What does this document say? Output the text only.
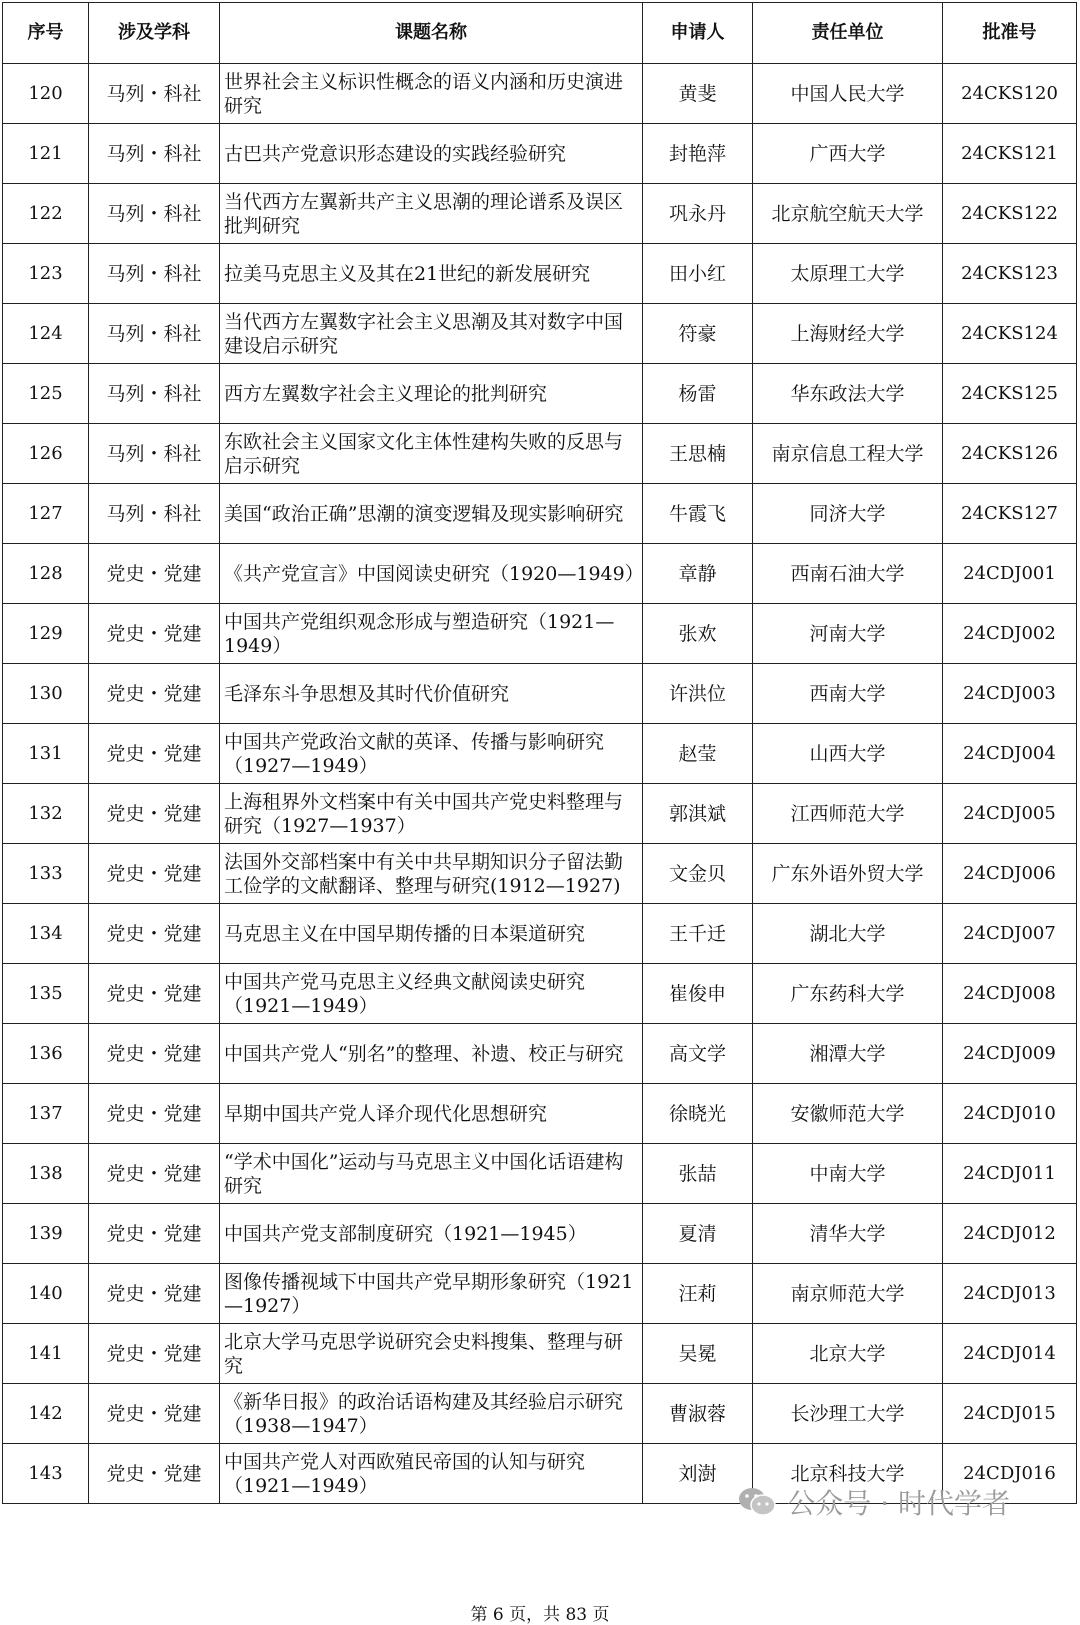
序号	涉及学科	课题名称	申请人	责任单位	批准号
120	马列・科社	世界社会主义标识性概念的语义内涵和历史演进研究	黄斐	中国人民大学	24CKS120
121	马列・科社	古巴共产党意识形态建设的实践经验研究	封艳萍	广西大学	24CKS121
122	马列・科社	当代西方左翼新共产主义思潮的理论谱系及误区批判研究	巩永丹	北京航空航天大学	24CKS122
123	马列・科社	拉美马克思主义及其在21世纪的新发展研究	田小红	太原理工大学	24CKS123
124	马列・科社	当代西方左翼数字社会主义思潮及其对数字中国建设启示研究	符豪	上海财经大学	24CKS124
125	马列・科社	西方左翼数字社会主义理论的批判研究	杨雷	华东政法大学	24CKS125
126	马列・科社	东欧社会主义国家文化主体性建构失败的反思与启示研究	王思楠	南京信息工程大学	24CKS126
127	马列・科社	美国“政治正确”思潮的演变逻辑及现实影响研究	牛霞飞	同济大学	24CKS127
128	党史・党建	《共产党宣言》中国阅读史研究（1920—1949）	章静	西南石油大学	24CDJ001
129	党史・党建	中国共产党组织观念形成与塑造研究（1921—1949）	张欢	河南大学	24CDJ002
130	党史・党建	毛泽东斗争思想及其时代价值研究	许洪位	西南大学	24CDJ003
131	党史・党建	中国共产党政治文献的英译、传播与影响研究（1927—1949）	赵莹	山西大学	24CDJ004
132	党史・党建	上海租界外文档案中有关中国共产党史料整理与研究（1927—1937）	郭淇斌	江西师范大学	24CDJ005
133	党史・党建	法国外交部档案中有关中共早期知识分子留法勤工俭学的文献翻译、整理与研究(1912—1927)	文金贝	广东外语外贸大学	24CDJ006
134	党史・党建	马克思主义在中国早期传播的日本渠道研究	王千迁	湖北大学	24CDJ007
135	党史・党建	中国共产党马克思主义经典文献阅读史研究（1921—1949）	崔俊申	广东药科大学	24CDJ008
136	党史・党建	中国共产党人“别名”的整理、补遗、校正与研究	高文学	湘潭大学	24CDJ009
137	党史・党建	早期中国共产党人译介现代化思想研究	徐晓光	安徽师范大学	24CDJ010
138	党史・党建	“学术中国化”运动与马克思主义中国化话语建构研究	张喆	中南大学	24CDJ011
139	党史・党建	中国共产党支部制度研究（1921—1945）	夏清	清华大学	24CDJ012
140	党史・党建	图像传播视域下中国共产党早期形象研究（1921—1927）	汪莉	南京师范大学	24CDJ013
141	党史・党建	北京大学马克思学说研究会史料搜集、整理与研究	吴冕	北京大学	24CDJ014
142	党史・党建	《新华日报》的政治话语构建及其经验启示研究（1938—1947）	曹淑蓉	长沙理工大学	24CDJ015
143	党史・党建	中国共产党人对西欧殖民帝国的认知与研究（1921—1949）	刘澍	北京科技大学	24CDJ016
公众号 · 时代学者
第 6 页，共 83 页
